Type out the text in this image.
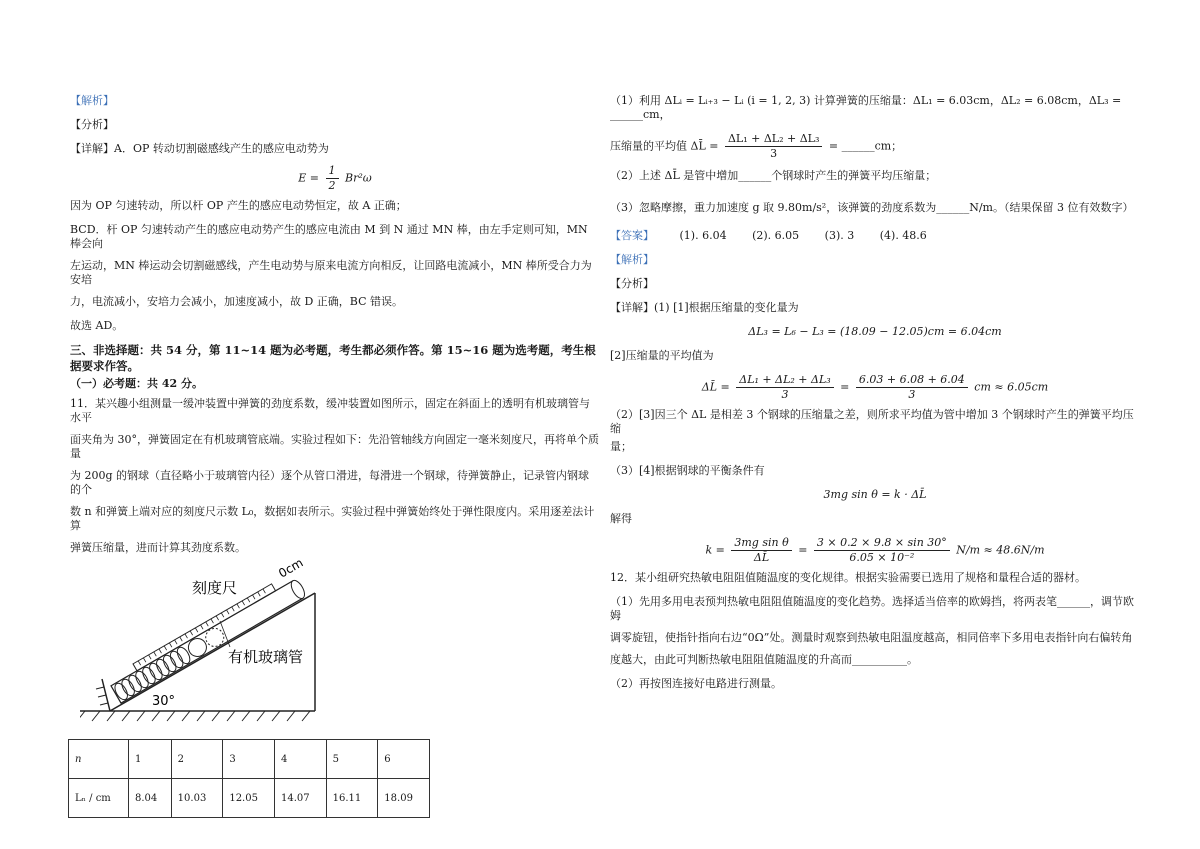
【解析】
【分析】
【详解】A．OP 转动切割磁感线产生的感应电动势为
$E = \frac{1}{2} Br^2\omega$
因为 OP 匀速转动，所以杆 OP 产生的感应电动势恒定，故 A 正确；
BCD．杆 OP 匀速转动产生的感应电动势产生的感应电流由 M 到 N 通过 MN 棒，由左手定则可知，MN 棒会向
左运动，MN 棒运动会切割磁感线，产生电动势与原来电流方向相反，让回路电流减小，MN 棒所受合力为安培
力，电流减小，安培力会减小，加速度减小，故 D 正确，BC 错误。
故选 AD。
三、非选择题：共 54 分，第 11~14 题为必考题，考生都必须作答。第 15~16 题为选考题，考生根
据要求作答。
（一）必考题：共 42 分。
11．某兴趣小组测量一缓冲装置中弹簧的劲度系数，缓冲装置如图所示，固定在斜面上的透明有机玻璃管与水平
面夹角为 30°，弹簧固定在有机玻璃管底端。实验过程如下：先沿管轴线方向固定一毫米刻度尺，再将单个质量
为 200g 的钢球（直径略小于玻璃管内径）逐个从管口滑进，每滑进一个钢球，待弹簧静止，记录管内钢球的个
数 n 和弹簧上端对应的刻度尺示数 L₀，数据如表所示。实验过程中弹簧始终处于弹性限度内。采用逐差法计算
弹簧压缩量，进而计算其劲度系数。
刻度尺
0cm
有机玻璃管
30°
n	1	2	3	4	5	6
Lₙ / cm	8.04	10.03	12.05	14.07	16.11	18.09
（1）利用 ΔLᵢ = Lᵢ₊₃ − Lᵢ (i = 1, 2, 3) 计算弹簧的压缩量：ΔL₁ = 6.03cm，ΔL₂ = 6.08cm，ΔL₃ = ______cm，
压缩量的平均值 ΔL̄ = $\frac{\text{ΔL₁ + ΔL₂ + ΔL₃}}{3}$ = ______cm；
（2）上述 ΔL̄ 是管中增加______个钢球时产生的弹簧平均压缩量；
（3）忽略摩擦，重力加速度 g 取 9.80m/s²，该弹簧的劲度系数为______N/m。（结果保留 3 位有效数字）
【答案】 (1). 6.04 (2). 6.05 (3). 3 (4). 48.6
【解析】
【分析】
【详解】(1) [1]根据压缩量的变化量为
ΔL₃ = L₆ − L₃ = (18.09 − 12.05)cm = 6.04cm
[2]压缩量的平均值为
ΔL̄ = $\frac{\text{ΔL₁ + ΔL₂ + ΔL₃}}{3} = \frac{6.03 + 6.08 + 6.04}{3}$ cm ≈ 6.05cm
（2）[3]因三个 ΔL 是相差 3 个钢球的压缩量之差，则所求平均值为管中增加 3 个钢球时产生的弹簧平均压缩
量；
（3）[4]根据钢球的平衡条件有
3mg sin θ = k · ΔL̄
解得
$k = \frac{\text{3mg sin θ}}{\Delta L̄} = \frac{3 \times 0.2 \times 9.8 \times \sin 30^\circ}{\text{6.05 × 10⁻²}} N/m \approx 48.6N/m$
12．某小组研究热敏电阻阻值随温度的变化规律。根据实验需要已选用了规格和量程合适的器材。
（1）先用多用电表预判热敏电阻阻值随温度的变化趋势。选择适当倍率的欧姆挡，将两表笔______，调节欧姆
调零旋钮，使指针指向右边“0Ω”处。测量时观察到热敏电阻温度越高，相同倍率下多用电表指针向右偏转角
度越大，由此可判断热敏电阻阻值随温度的升高而__________。
（2）再按图连接好电路进行测量。
